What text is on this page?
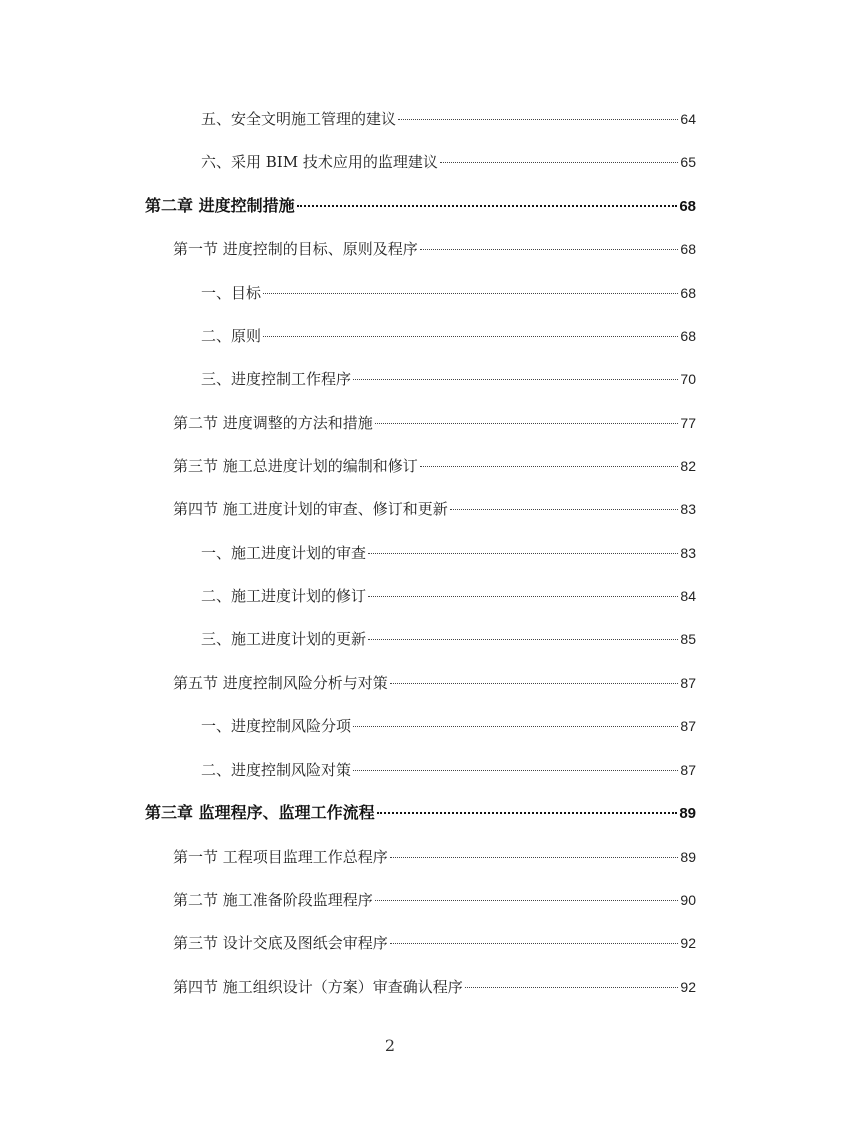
五、安全文明施工管理的建议	64
六、采用 BIM 技术应用的监理建议	65
第二章 进度控制措施	68
第一节 进度控制的目标、原则及程序	68
一、目标	68
二、原则	68
三、进度控制工作程序	70
第二节 进度调整的方法和措施	77
第三节 施工总进度计划的编制和修订	82
第四节 施工进度计划的审查、修订和更新	83
一、施工进度计划的审查	83
二、施工进度计划的修订	84
三、施工进度计划的更新	85
第五节 进度控制风险分析与对策	87
一、进度控制风险分项	87
二、进度控制风险对策	87
第三章 监理程序、监理工作流程	89
第一节 工程项目监理工作总程序	89
第二节 施工准备阶段监理程序	90
第三节 设计交底及图纸会审程序	92
第四节 施工组织设计（方案）审查确认程序	92
2
